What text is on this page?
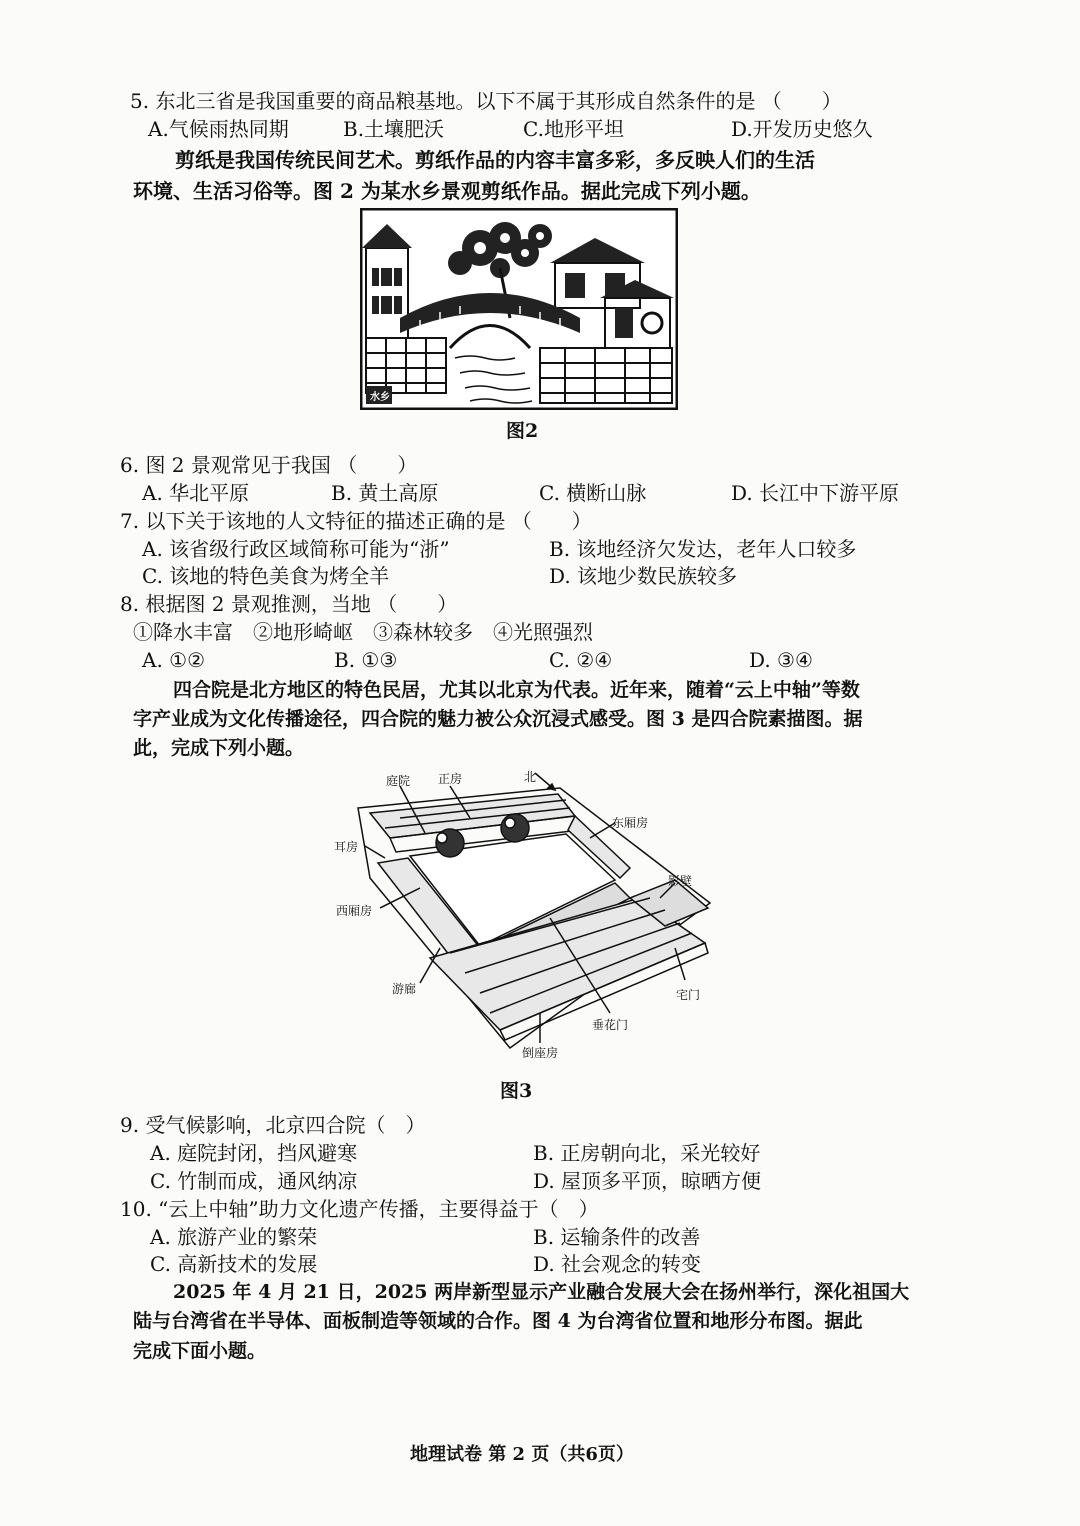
5. 东北三省是我国重要的商品粮基地。以下不属于其形成自然条件的是 （　　）
A.气候雨热同期	B.土壤肥沃	C.地形平坦	D.开发历史悠久
剪纸是我国传统民间艺术。剪纸作品的内容丰富多彩，多反映人们的生活
环境、生活习俗等。图 2 为某水乡景观剪纸作品。据此完成下列小题。
水乡
图2
6. 图 2 景观常见于我国 （　　）
A. 华北平原	B. 黄土高原	C. 横断山脉	D. 长江中下游平原
7. 以下关于该地的人文特征的描述正确的是 （　　）
A. 该省级行政区域简称可能为“浙”	B. 该地经济欠发达，老年人口较多
C. 该地的特色美食为烤全羊	D. 该地少数民族较多
8. 根据图 2 景观推测，当地 （　　）
①降水丰富　②地形崎岖　③森林较多　④光照强烈
A. ①②	B. ①③	C. ②④	D. ③④
四合院是北方地区的特色民居，尤其以北京为代表。近年来，随着“云上中轴”等数
字产业成为文化传播途径，四合院的魅力被公众沉浸式感受。图 3 是四合院素描图。据
此，完成下列小题。
庭院 正房	北
东厢房
耳房
影壁
西厢房
游廊	宅门
垂花门
倒座房
图3
9. 受气候影响，北京四合院（　）
A. 庭院封闭，挡风避寒	B. 正房朝向北，采光较好
C. 竹制而成，通风纳凉	D. 屋顶多平顶，晾晒方便
10. “云上中轴”助力文化遗产传播，主要得益于（　）
A. 旅游产业的繁荣	B. 运输条件的改善
C. 高新技术的发展	D. 社会观念的转变
2025 年 4 月 21 日，2025 两岸新型显示产业融合发展大会在扬州举行，深化祖国大
陆与台湾省在半导体、面板制造等领域的合作。图 4 为台湾省位置和地形分布图。据此
完成下面小题。
地理试卷 第 2 页（共6页）
